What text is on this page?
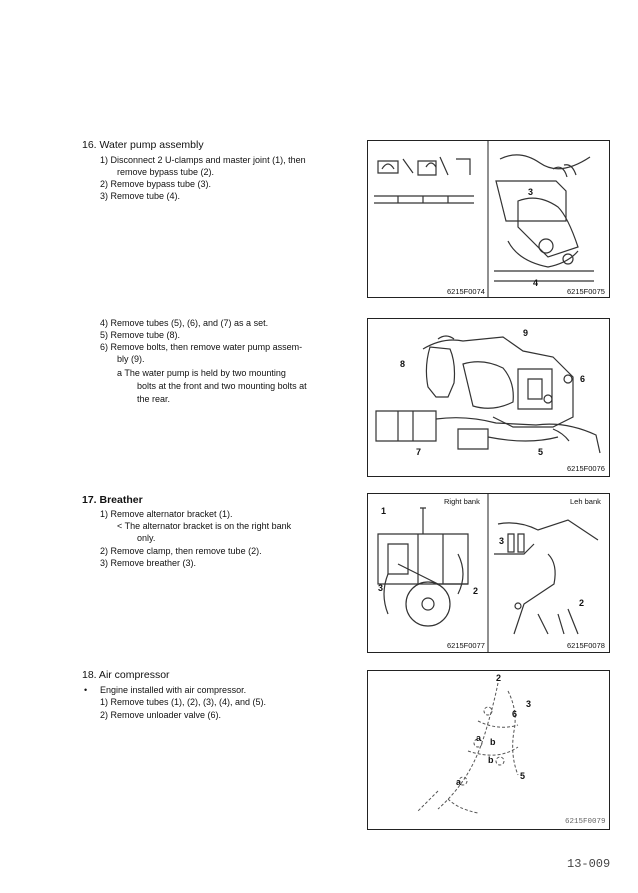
16. Water pump assembly
1) Disconnect 2 U-clamps and master joint (1), then
remove bypass tube (2).
2) Remove bypass tube (3).
3) Remove tube (4).	3
4
6215F0074	6215F0075
4) Remove tubes (5), (6), and (7) as a set.
5) Remove tube (8).
6) Remove bolts, then remove water pump assem-
bly (9).
a The water pump is held by two mounting
bolts at the front and two mounting bolts at
the rear.
8
9
6
7	5
6215F0076
17. Breather
1) Remove alternator bracket (1).
< The alternator bracket is on the right bank
only.
2) Remove clamp, then remove tube (2).
3) Remove breather (3).
Right bank	Leh bank
1
3	2
3
2
6215F0077	6215F0078
18. Air compressor
• Engine installed with air compressor.
1) Remove tubes (1), (2), (3), (4), and (5).
2) Remove unloader valve (6).
2
3
6
a b
b
a
5
6215F0079
13-009
